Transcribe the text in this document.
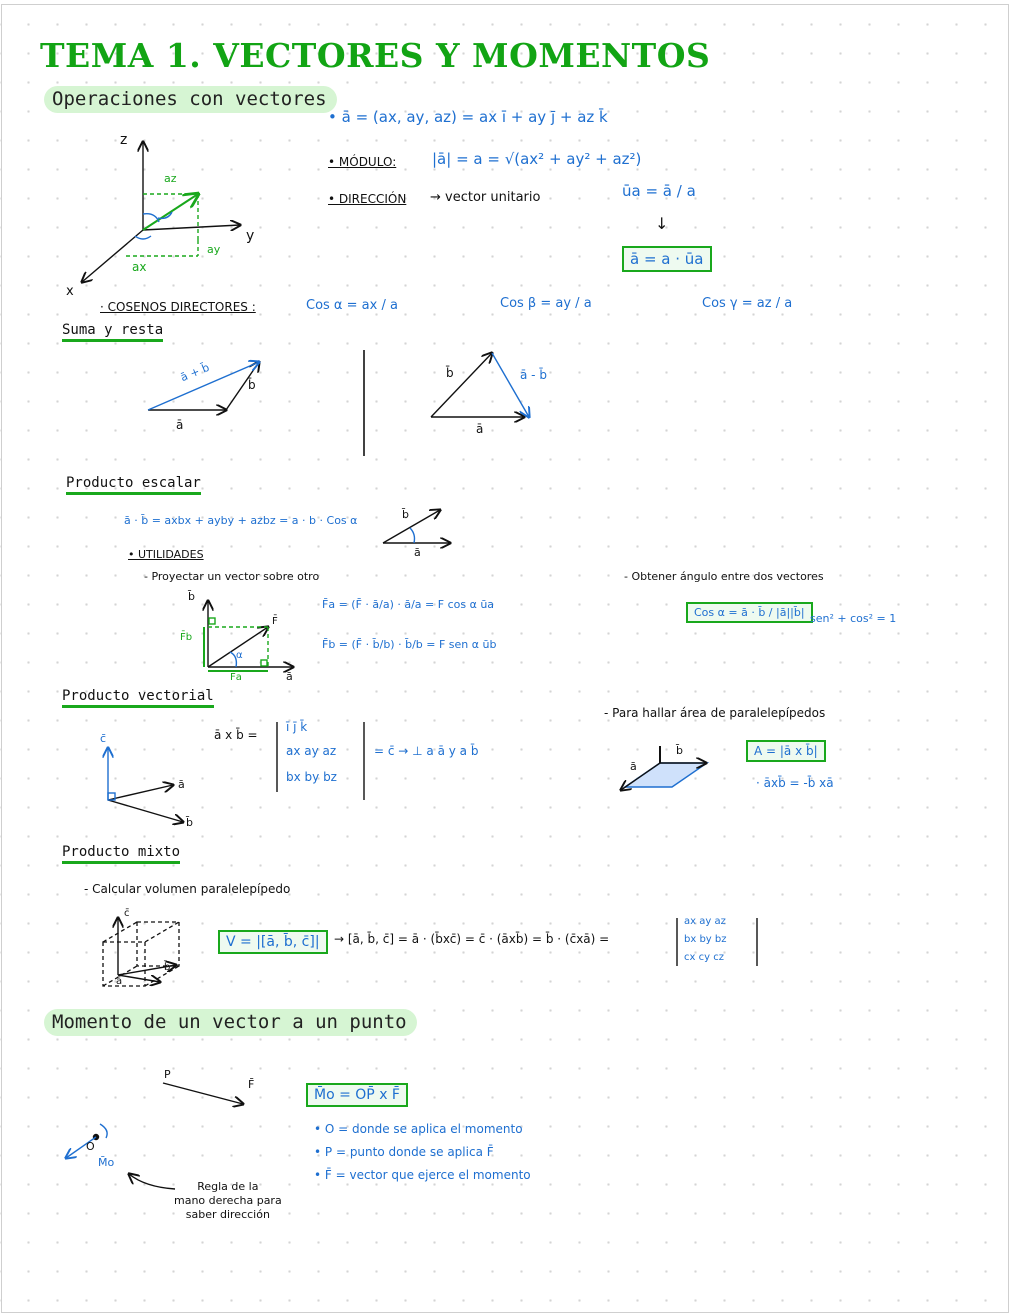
TEMA 1. VECTORES Y MOMENTOS
Operaciones con vectores
z
y
x
az
ay
ax
• ā = (ax, ay, az) = ax ī + ay j̄ + az k̄
• MÓDULO: |ā| = a = √(ax² + ay² + az²)
• DIRECCIÓN → vector unitario	ūa = ā / a
↓
ā = a · ūa
· COSENOS DIRECTORES :	Cos α = ax / a	Cos β = ay / a	Cos γ = az / a
Suma y resta
ā + b̄
ā
b̄
ā - b̄
ā
b̄
Producto escalar
ā · b̄ = axbx + ayby + azbz = a · b · Cos α	b̄
ā
• UTILIDADES
- Proyectar un vector sobre otro
F̄a = (F̄ · ā/a) · ā/a = F cos α ūa
F̄b = (F̄ · b̄/b) · b̄/b = F sen α ūb
b̄
ā
F̄
F̄b
F̄a
α
- Obtener ángulo entre dos vectores
Cos α = ā · b̄ / |ā||b̄| sen² + cos² = 1
Producto vectorial
ā x b̄ =
ī j̄ k̄
ax ay az
bx by bz
= c̄ → ⊥ a ā y a b̄
c̄
ā
b̄
- Para hallar área de paralelepípedos
A = |ā x b̄|
· āxb̄ = -b̄ xā
ā
b̄
Producto mixto
- Calcular volumen paralelepípedo
V = |[ā, b̄, c̄]|	→ [ā, b̄, c̄] = ā · (b̄xc̄) = c̄ · (āxb̄) = b̄ · (c̄xā) =
ax ay az
bx by bz
cx cy cz
c̄
b̄
ā
Momento de un vector a un punto
M̄o = OP̄ x F̄
• O = donde se aplica el momento
• P = punto donde se aplica F̄
• F̄ = vector que ejerce el momento
Regla de la
mano derecha para
saber dirección
P
F̄
O
M̄o
